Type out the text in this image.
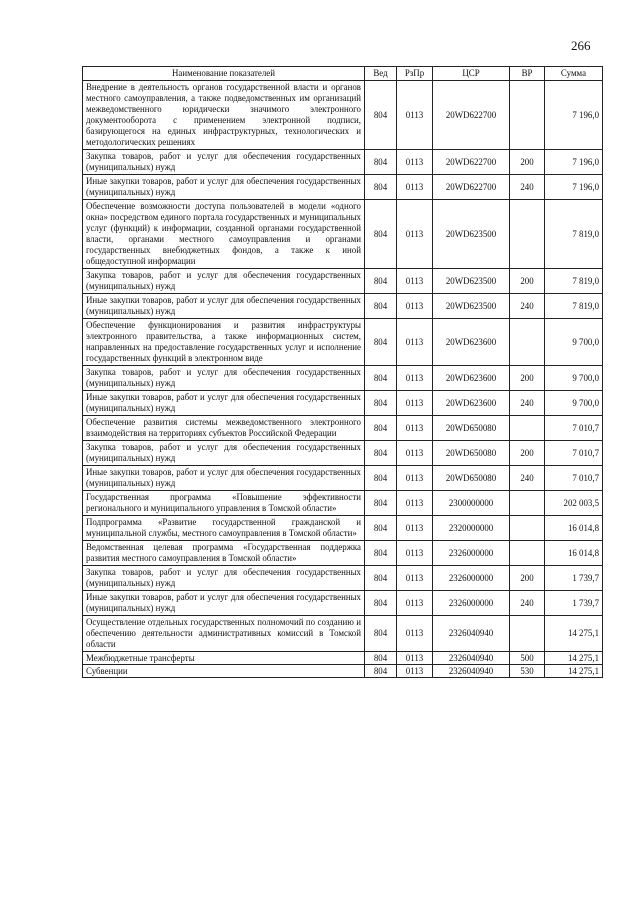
266
Наименование показателей	Вед	РзПр	ЦСР	ВР	Сумма
Внедрение в деятельность органов государственной власти и органов местного самоуправления, а также подведомственных им организаций межведомственного юридически значимого электронного документооборота с применением электронной подписи, базирующегося на единых инфраструктурных, технологических и методологических решениях	804	0113	20WD622700		7 196,0
Закупка товаров, работ и услуг для обеспечения государственных (муниципальных) нужд	804	0113	20WD622700	200	7 196,0
Иные закупки товаров, работ и услуг для обеспечения государственных (муниципальных) нужд	804	0113	20WD622700	240	7 196,0
Обеспечение возможности доступа пользователей в модели «одного окна» посредством единого портала государственных и муниципальных услуг (функций) к информации, созданной органами государственной власти, органами местного самоуправления и органами государственных внебюджетных фондов, а также к иной общедоступной информации	804	0113	20WD623500		7 819,0
Закупка товаров, работ и услуг для обеспечения государственных (муниципальных) нужд	804	0113	20WD623500	200	7 819,0
Иные закупки товаров, работ и услуг для обеспечения государственных (муниципальных) нужд	804	0113	20WD623500	240	7 819,0
Обеспечение функционирования и развития инфраструктуры электронного правительства, а также информационных систем, направленных на предоставление государственных услуг и исполнение государственных функций в электронном виде	804	0113	20WD623600		9 700,0
Закупка товаров, работ и услуг для обеспечения государственных (муниципальных) нужд	804	0113	20WD623600	200	9 700,0
Иные закупки товаров, работ и услуг для обеспечения государственных (муниципальных) нужд	804	0113	20WD623600	240	9 700,0
Обеспечение развития системы межведомственного электронного взаимодействия на территориях субъектов Российской Федерации	804	0113	20WD650080		7 010,7
Закупка товаров, работ и услуг для обеспечения государственных (муниципальных) нужд	804	0113	20WD650080	200	7 010,7
Иные закупки товаров, работ и услуг для обеспечения государственных (муниципальных) нужд	804	0113	20WD650080	240	7 010,7
Государственная программа «Повышение эффективности регионального и муниципального управления в Томской области»	804	0113	2300000000		202 003,5
Подпрограмма «Развитие государственной гражданской и муниципальной службы, местного самоуправления в Томской области»	804	0113	2320000000		16 014,8
Ведомственная целевая программа «Государственная поддержка развития местного самоуправления в Томской области»	804	0113	2326000000		16 014,8
Закупка товаров, работ и услуг для обеспечения государственных (муниципальных) нужд	804	0113	2326000000	200	1 739,7
Иные закупки товаров, работ и услуг для обеспечения государственных (муниципальных) нужд	804	0113	2326000000	240	1 739,7
Осуществление отдельных государственных полномочий по созданию и обеспечению деятельности административных комиссий в Томской области	804	0113	2326040940		14 275,1
Межбюджетные трансферты	804	0113	2326040940	500	14 275,1
Субвенции	804	0113	2326040940	530	14 275,1
